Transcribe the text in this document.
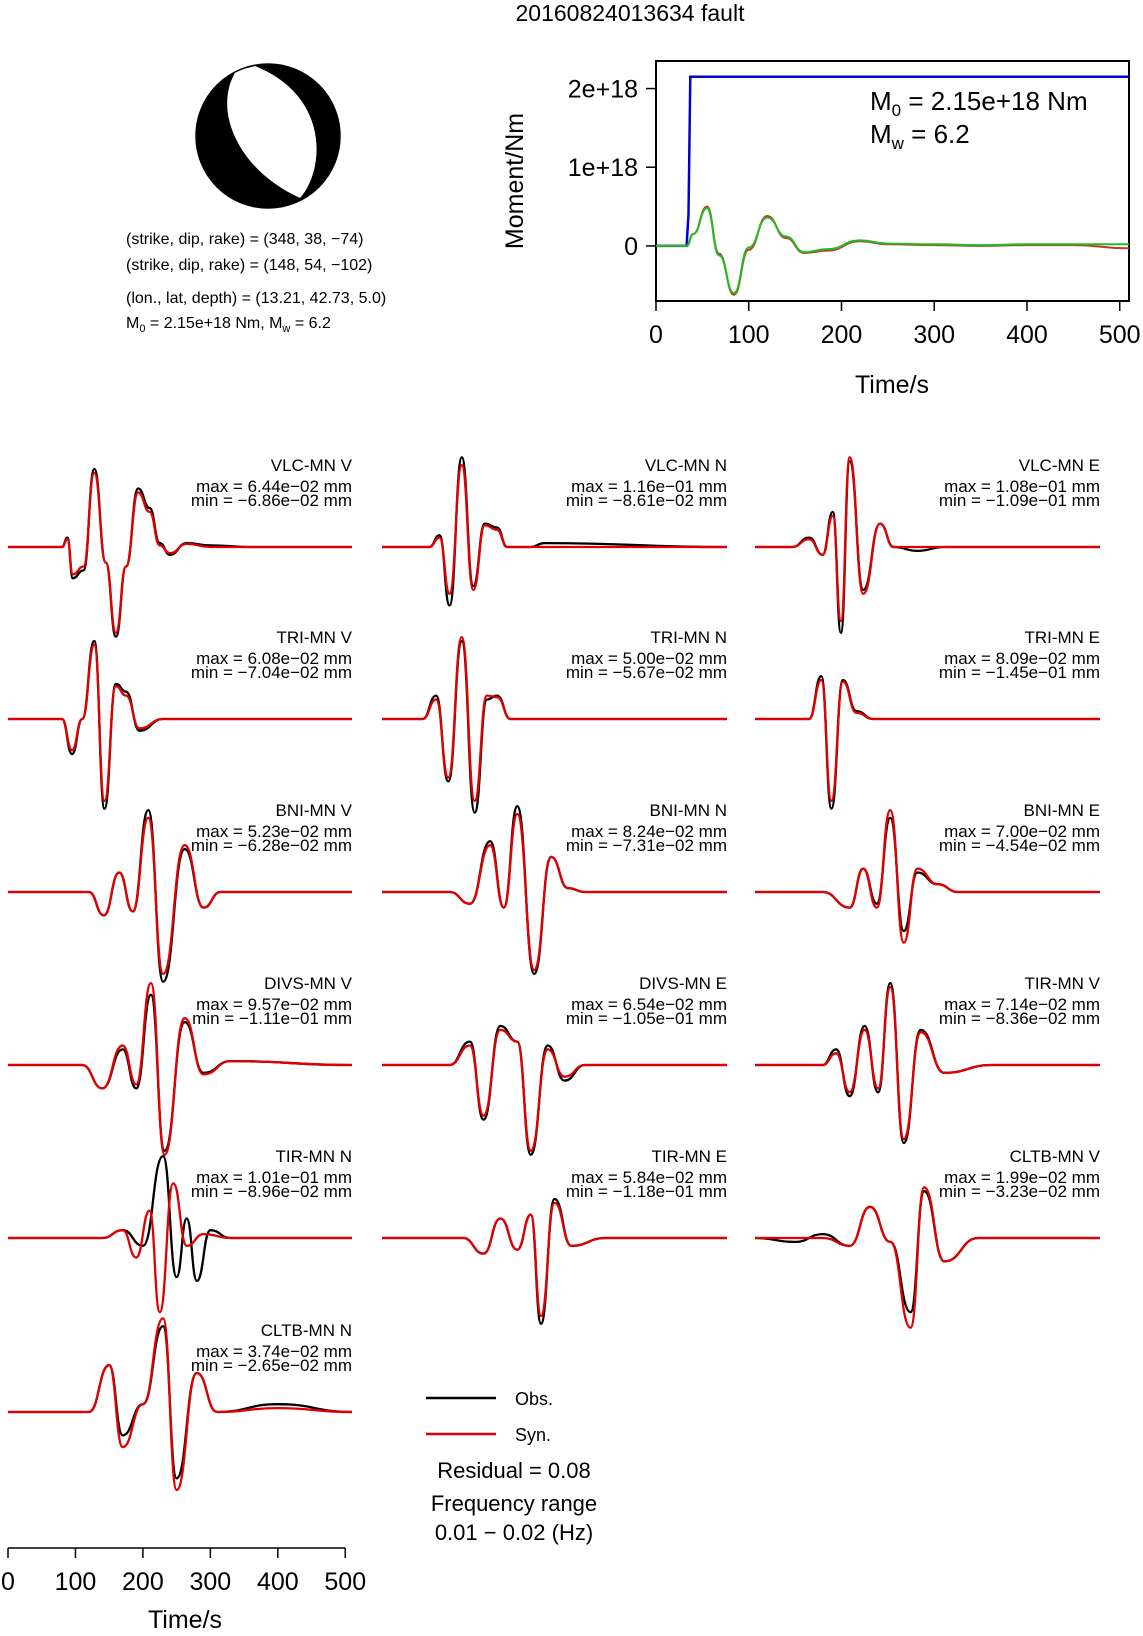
20160824013634 fault
(strike, dip, rake) = (348, 38, −74)
(strike, dip, rake) = (148, 54, −102)
(lon., lat, depth) = (13.21, 42.73, 5.0)
$M_0 = 2.15e+18$ Nm, $M_w = 6.2$	0	100 200 300 400 500
0
1e+18
2e+18	$M_0 = 2.15e+18$ Nm
$M_w = 6.2$
Moment/Nm
Time/s
VLC-MN V
max = 6.44e−02 mm
min = −6.86e−02 mm
VLC-MN N
max = 1.16e−01 mm
min = −8.61e−02 mm
VLC-MN E
max = 1.08e−01 mm
min = −1.09e−01 mm
TRI-MN V
max = 6.08e−02 mm
min = −7.04e−02 mm
TRI-MN N
max = 5.00e−02 mm
min = −5.67e−02 mm
TRI-MN E
max = 8.09e−02 mm
min = −1.45e−01 mm
BNI-MN V
max = 5.23e−02 mm
min = −6.28e−02 mm
BNI-MN N
max = 8.24e−02 mm
min = −7.31e−02 mm
BNI-MN E
max = 7.00e−02 mm
min = −4.54e−02 mm
DIVS-MN V
max = 9.57e−02 mm
min = −1.11e−01 mm
DIVS-MN E
max = 6.54e−02 mm
min = −1.05e−01 mm
TIR-MN V
max = 7.14e−02 mm
min = −8.36e−02 mm
TIR-MN N
max = 1.01e−01 mm
min = −8.96e−02 mm
TIR-MN E
max = 5.84e−02 mm
min = −1.18e−01 mm
CLTB-MN V
max = 1.99e−02 mm
min = −3.23e−02 mm
CLTB-MN N
max = 3.74e−02 mm
min = −2.65e−02 mm
0 100 200 300 400 500
Time/s
Obs.
Syn.
Residual = 0.08
Frequency range
0.01 − 0.02 (Hz)
